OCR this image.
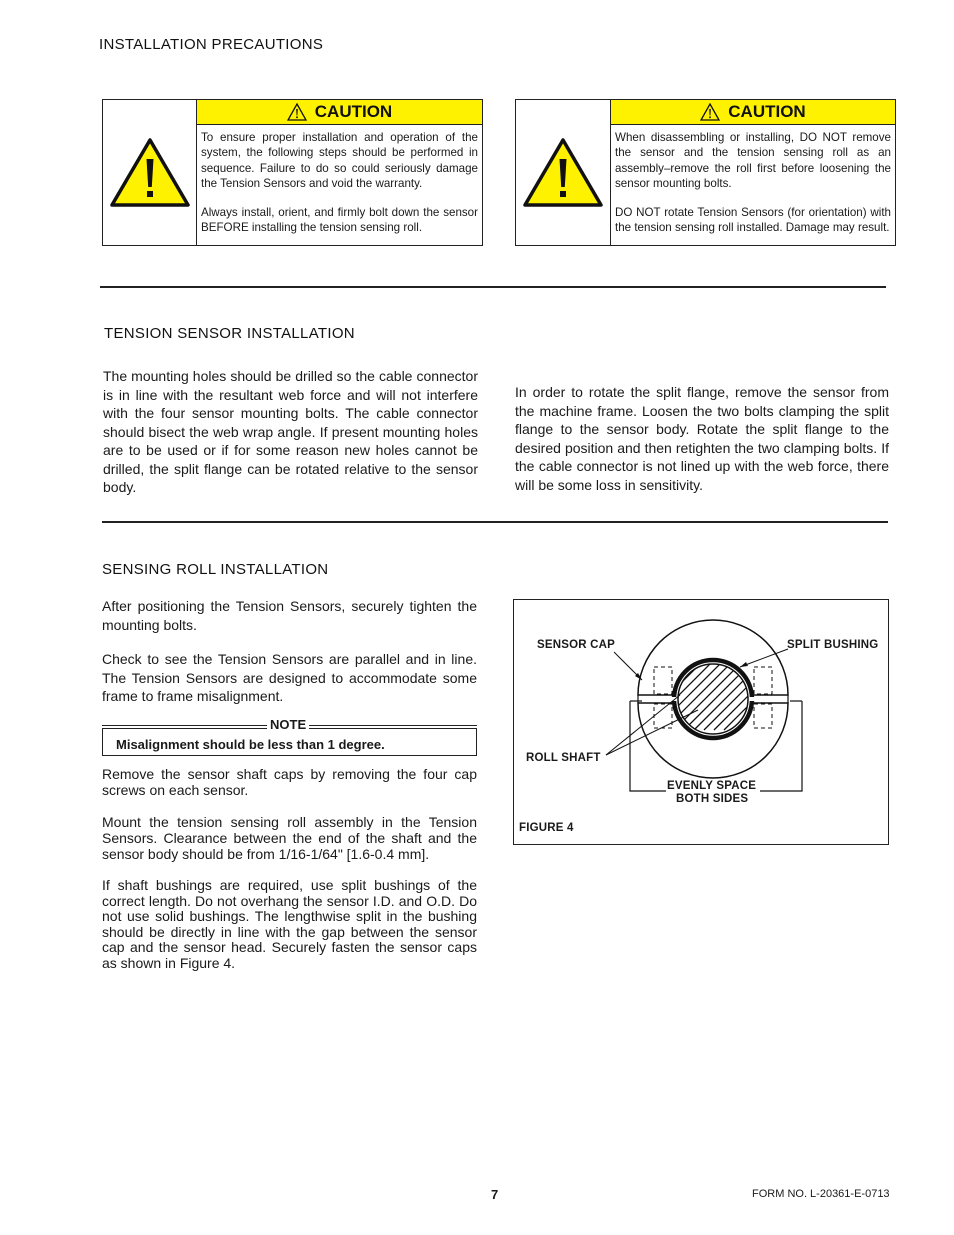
INSTALLATION PRECAUTIONS
CAUTION

To ensure proper installation and operation of the system, the following steps should be performed in sequence. Failure to do so could seriously damage the Tension Sensors and void the warranty.

Always install, orient, and firmly bolt down the sensor BEFORE installing the tension sensing roll.

CAUTION

When disassembling or installing, DO NOT remove the sensor and the tension sensing roll as an assembly–remove the roll first before loosening the sensor mounting bolts.

DO NOT rotate Tension Sensors (for orientation) with the tension sensing roll installed. Damage may result.

TENSION SENSOR INSTALLATION

The mounting holes should be drilled so the cable connector is in line with the resultant web force and will not interfere with the four sensor mounting bolts. The cable connector should bisect the web wrap angle. If present mounting holes are to be used or if for some reason new holes cannot be drilled, the split flange can be rotated relative to the sensor body.

In order to rotate the split flange, remove the sensor from the machine frame. Loosen the two bolts clamping the split flange to the sensor body. Rotate the split flange to the desired position and then retighten the two clamping bolts. If the cable connector is not lined up with the web force, there will be some loss in sensitivity.

SENSING ROLL INSTALLATION

After positioning the Tension Sensors, securely tighten the mounting bolts.

Check to see the Tension Sensors are parallel and in line. The Tension Sensors are designed to accommodate some frame to frame misalignment.

NOTE
Misalignment should be less than 1 degree.

Remove the sensor shaft caps by removing the four cap screws on each sensor.

Mount the tension sensing roll assembly in the Tension Sensors. Clearance between the end of the shaft and the sensor body should be from 1/16-1/64" [1.6-0.4 mm].

If shaft bushings are required, use split bushings of the correct length. Do not overhang the sensor I.D. and O.D. Do not use solid bushings. The lengthwise split in the bushing should be directly in line with the gap between the sensor cap and the sensor head. Securely fasten the sensor caps as shown in Figure 4.

SENSOR CAP	SPLIT BUSHING
ROLL SHAFT
EVENLY SPACE
BOTH SIDES
FIGURE 4
7	FORM NO. L-20361-E-0713
